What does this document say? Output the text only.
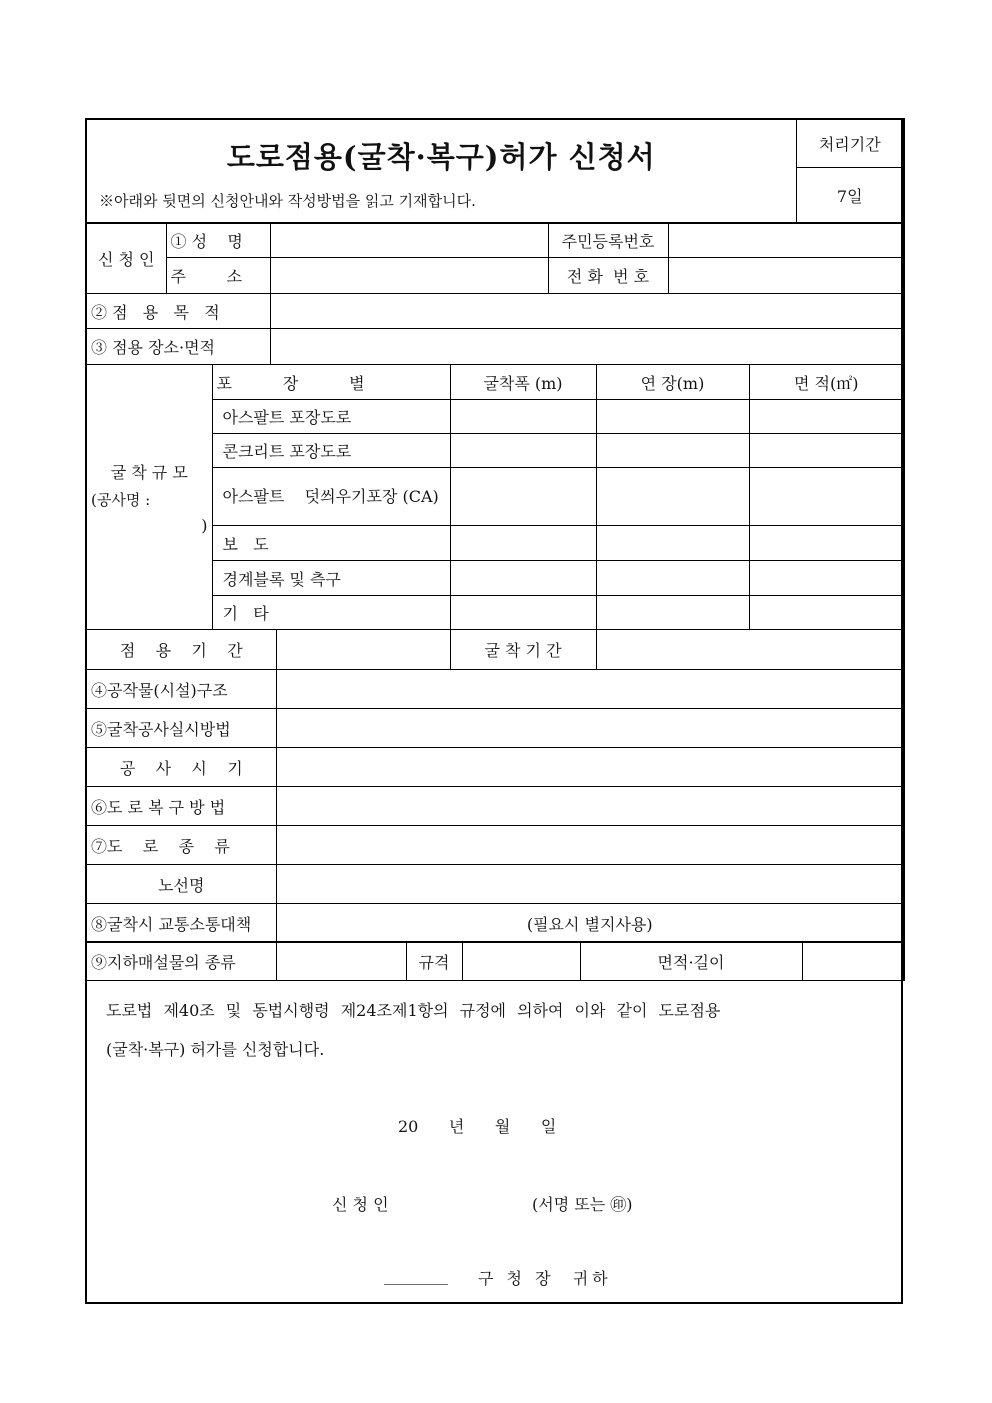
도로점용(굴착·복구)허가 신청서
※아래와 뒷면의 신청안내와 작성방법을 읽고 기재합니다.
	처리기간
7일
신 청 인	① 성    명		주민등록번호	
	주        소		전 화  번 호	
② 점   용   목   적	
③ 점용 장소·면적	
굴 착 규 모
(공사명 :
)	포          장          별	굴착폭 (m)	연 장(m)	면 적(㎡)
	아스팔트 포장도로			
	콘크리트 포장도로			
	아스팔트    덧씌우기포장 (CA)			
	보   도			
	경계블록 및 측구			
	기   타			
점    용    기    간		굴 착 기 간	
④공작물(시설)구조	
⑤굴착공사실시방법	
공    사    시    기	
⑥도 로 복 구 방 법	
⑦도    로    종    류	
노선명	
⑧굴착시 교통소통대책	(필요시 별지사용)		
⑨지하매설물의 종류		규격		면적·길이	
도로법 제40조 및 동법시행령 제24조제1항의 규정에 의하여 이와 같이 도로점용
(굴착·복구) 허가를 신청합니다.
20      년      월      일
신 청 인	(서명 또는 ㊞)
________ 구 청 장  귀하
